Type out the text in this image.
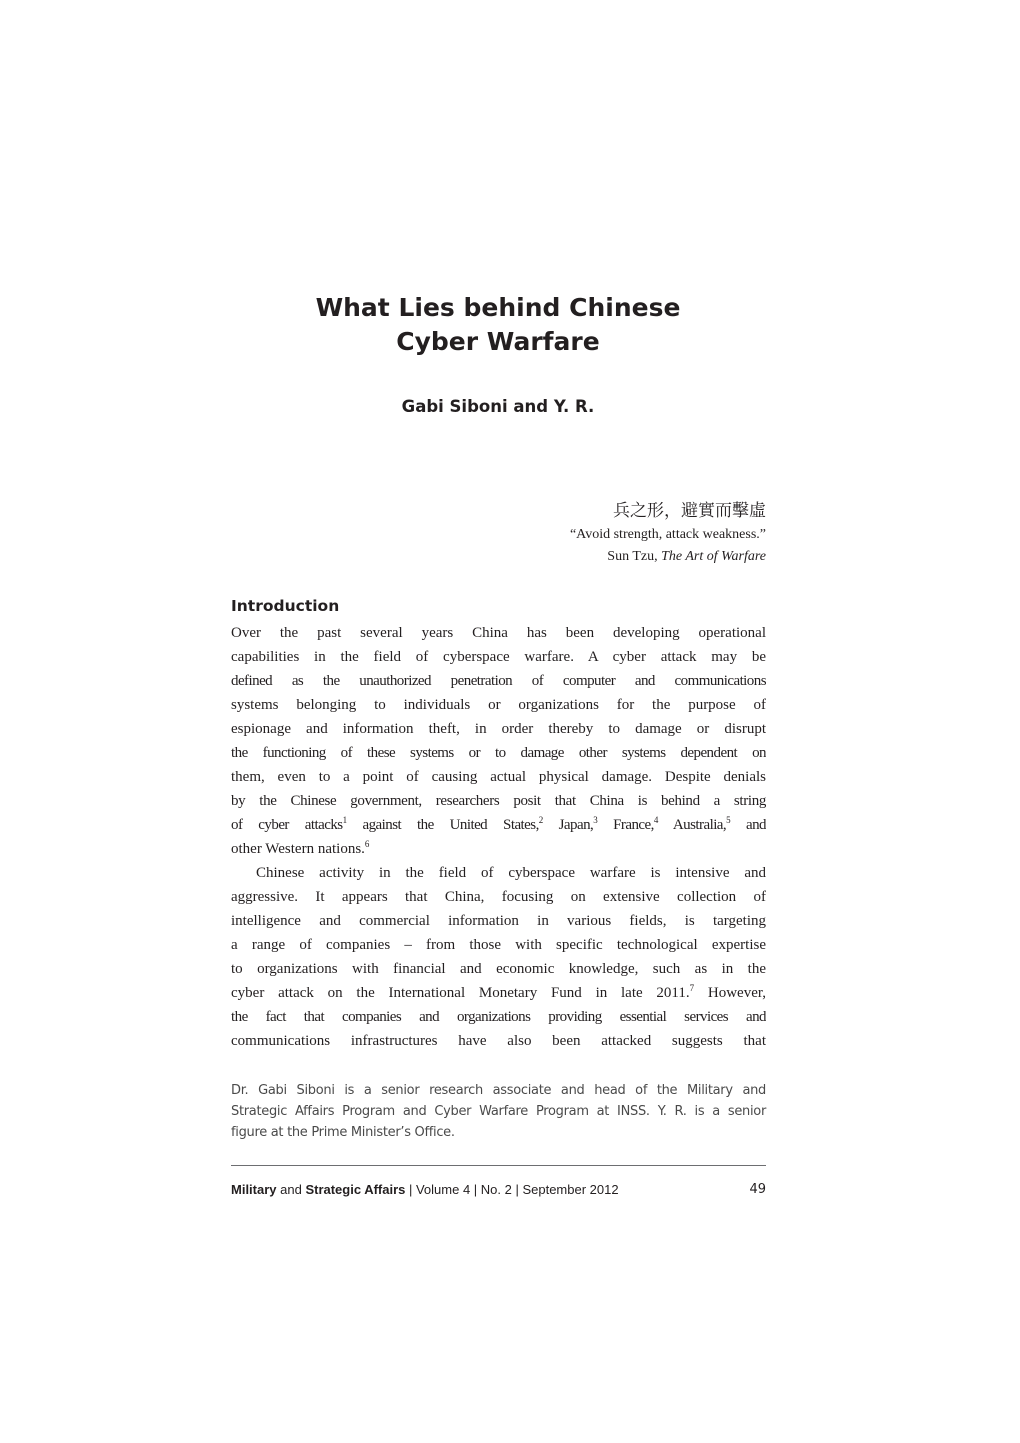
What Lies behind Chinese
Cyber Warfare

Gabi Siboni and Y. R.

兵之形，避實而擊虛
“Avoid strength, attack weakness.”
Sun Tzu, The Art of Warfare
Introduction
Over the past several years China has been developing operational
capabilities in the field of cyberspace warfare. A cyber attack may be
defined as the unauthorized penetration of computer and communications
systems belonging to individuals or organizations for the purpose of
espionage and information theft, in order thereby to damage or disrupt
the functioning of these systems or to damage other systems dependent on
them, even to a point of causing actual physical damage. Despite denials
by the Chinese government, researchers posit that China is behind a string
of cyber attacks$^1$ against the United States,$^2$ Japan,$^3$ France,$^4$ Australia,$^5$ and
other Western nations.$^6$
Chinese activity in the field of cyberspace warfare is intensive and
aggressive. It appears that China, focusing on extensive collection of
intelligence and commercial information in various fields, is targeting
a range of companies – from those with specific technological expertise
to organizations with financial and economic knowledge, such as in the
cyber attack on the International Monetary Fund in late 2011.$^7$ However,
the fact that companies and organizations providing essential services and
communications infrastructures have also been attacked suggests that
Dr. Gabi Siboni is a senior research associate and head of the Military and
Strategic Affairs Program and Cyber Warfare Program at INSS. Y. R. is a senior
figure at the Prime Minister’s Office.
Military and Strategic Affairs | Volume 4 | No. 2 | September 2012	49
